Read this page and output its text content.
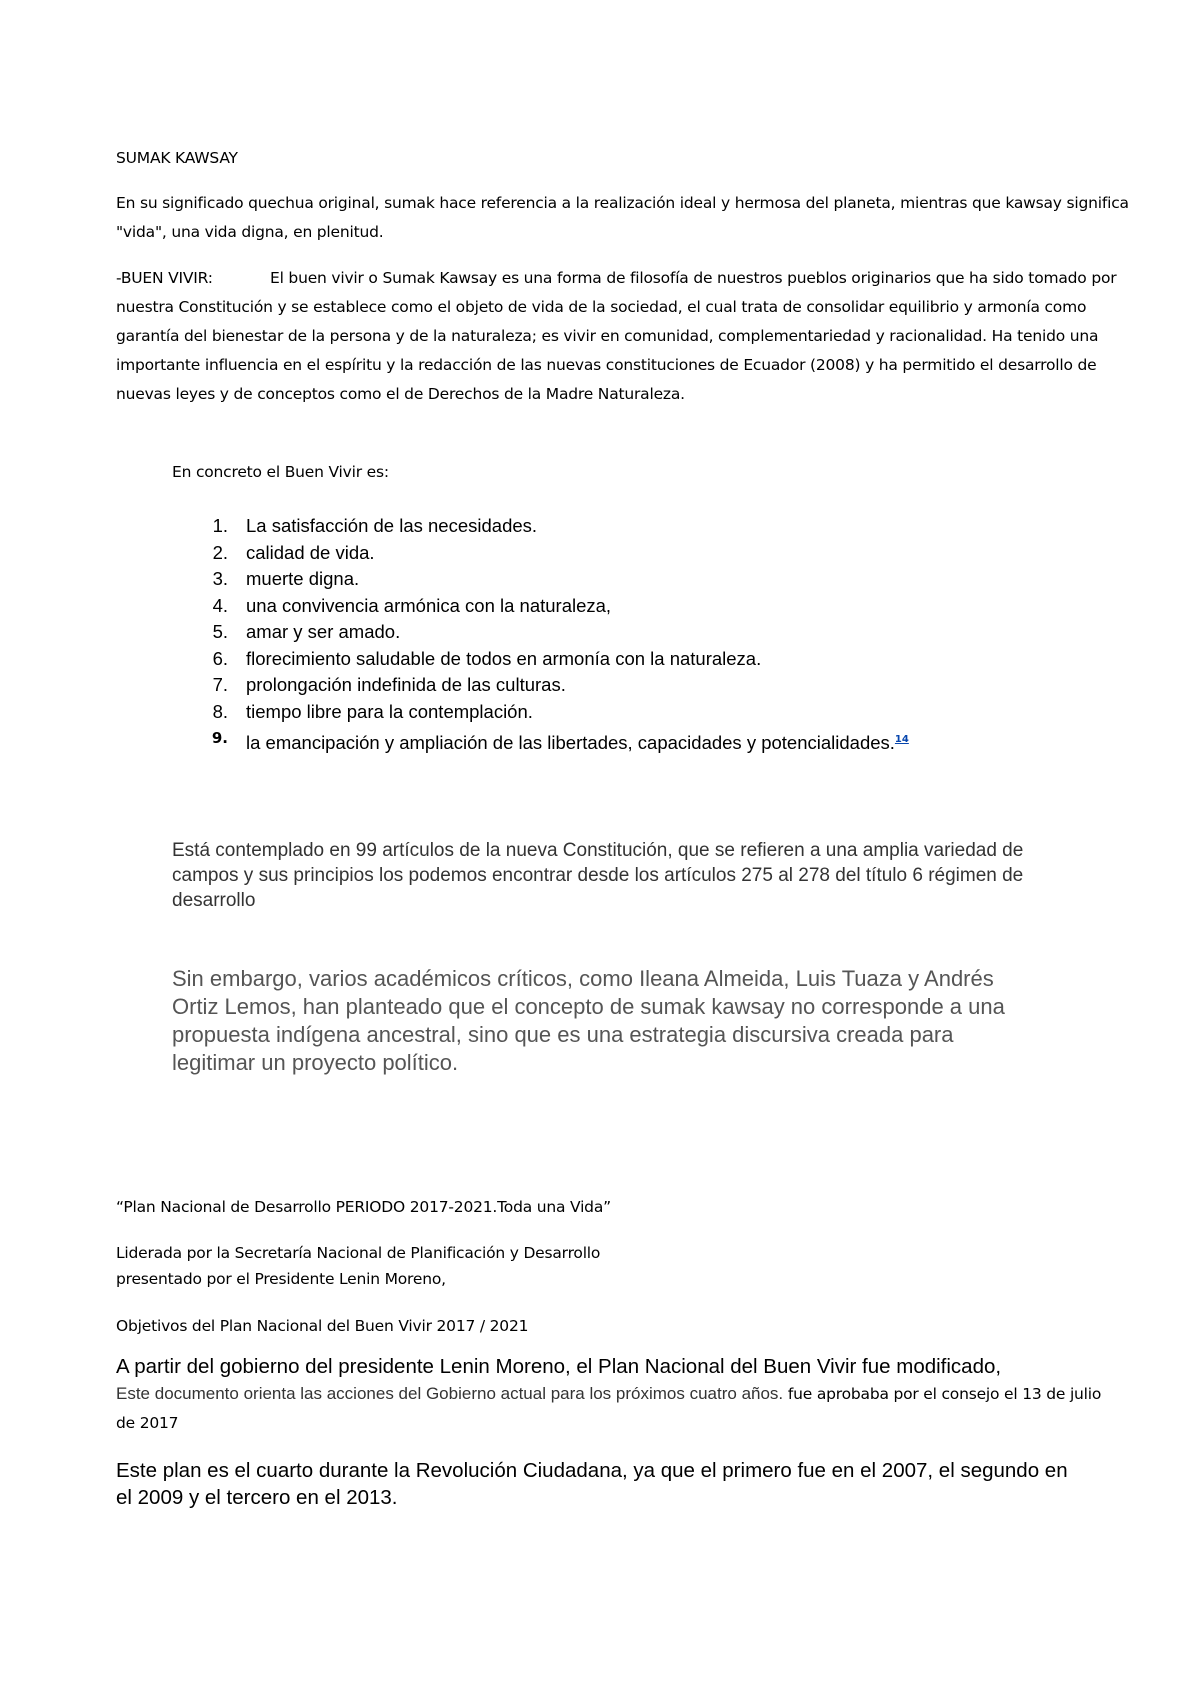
SUMAK KAWSAY

En su significado quechua original, sumak hace referencia a la realización ideal y hermosa del planeta, mientras que kawsay significa "vida", una vida digna, en plenitud.

-BUEN VIVIR:	El buen vivir o Sumak Kawsay es una forma de filosofía de nuestros pueblos originarios que ha sido tomado por nuestra Constitución y se establece como el objeto de vida de la sociedad, el cual trata de consolidar equilibrio y armonía como garantía del bienestar de la persona y de la naturaleza; es vivir en comunidad, complementariedad y racionalidad. Ha tenido una importante influencia en el espíritu y la redacción de las nuevas constituciones de Ecuador (2008) y ha permitido el desarrollo de nuevas leyes y de conceptos como el de Derechos de la Madre Naturaleza.

En concreto el Buen Vivir es:

1. La satisfacción de las necesidades.
2. calidad de vida.
3. muerte digna.
4. una convivencia armónica con la naturaleza,
5. amar y ser amado.
6. florecimiento saludable de todos en armonía con la naturaleza.
7. prolongación indefinida de las culturas.
8. tiempo libre para la contemplación.
9. la emancipación y ampliación de las libertades, capacidades y potencialidades.$^{14}$

Está contemplado en 99 artículos de la nueva Constitución, que se refieren a una amplia variedad de campos y sus principios los podemos encontrar desde los artículos 275 al 278 del título 6 régimen de desarrollo

Sin embargo, varios académicos críticos, como Ileana Almeida, Luis Tuaza y Andrés Ortiz Lemos, han planteado que el concepto de sumak kawsay no corresponde a una propuesta indígena ancestral, sino que es una estrategia discursiva creada para legitimar un proyecto político.

“Plan Nacional de Desarrollo PERIODO 2017-2021.Toda una Vida”

Liderada por la Secretaría Nacional de Planificación y Desarrollo
presentado por el Presidente Lenin Moreno,

Objetivos del Plan Nacional del Buen Vivir 2017 / 2021

A partir del gobierno del presidente Lenin Moreno, el Plan Nacional del Buen Vivir fue modificado,
Este documento orienta las acciones del Gobierno actual para los próximos cuatro años. fue aprobaba por el consejo el 13 de julio de 2017

Este plan es el cuarto durante la Revolución Ciudadana, ya que el primero fue en el 2007, el segundo en el 2009 y el tercero en el 2013.
